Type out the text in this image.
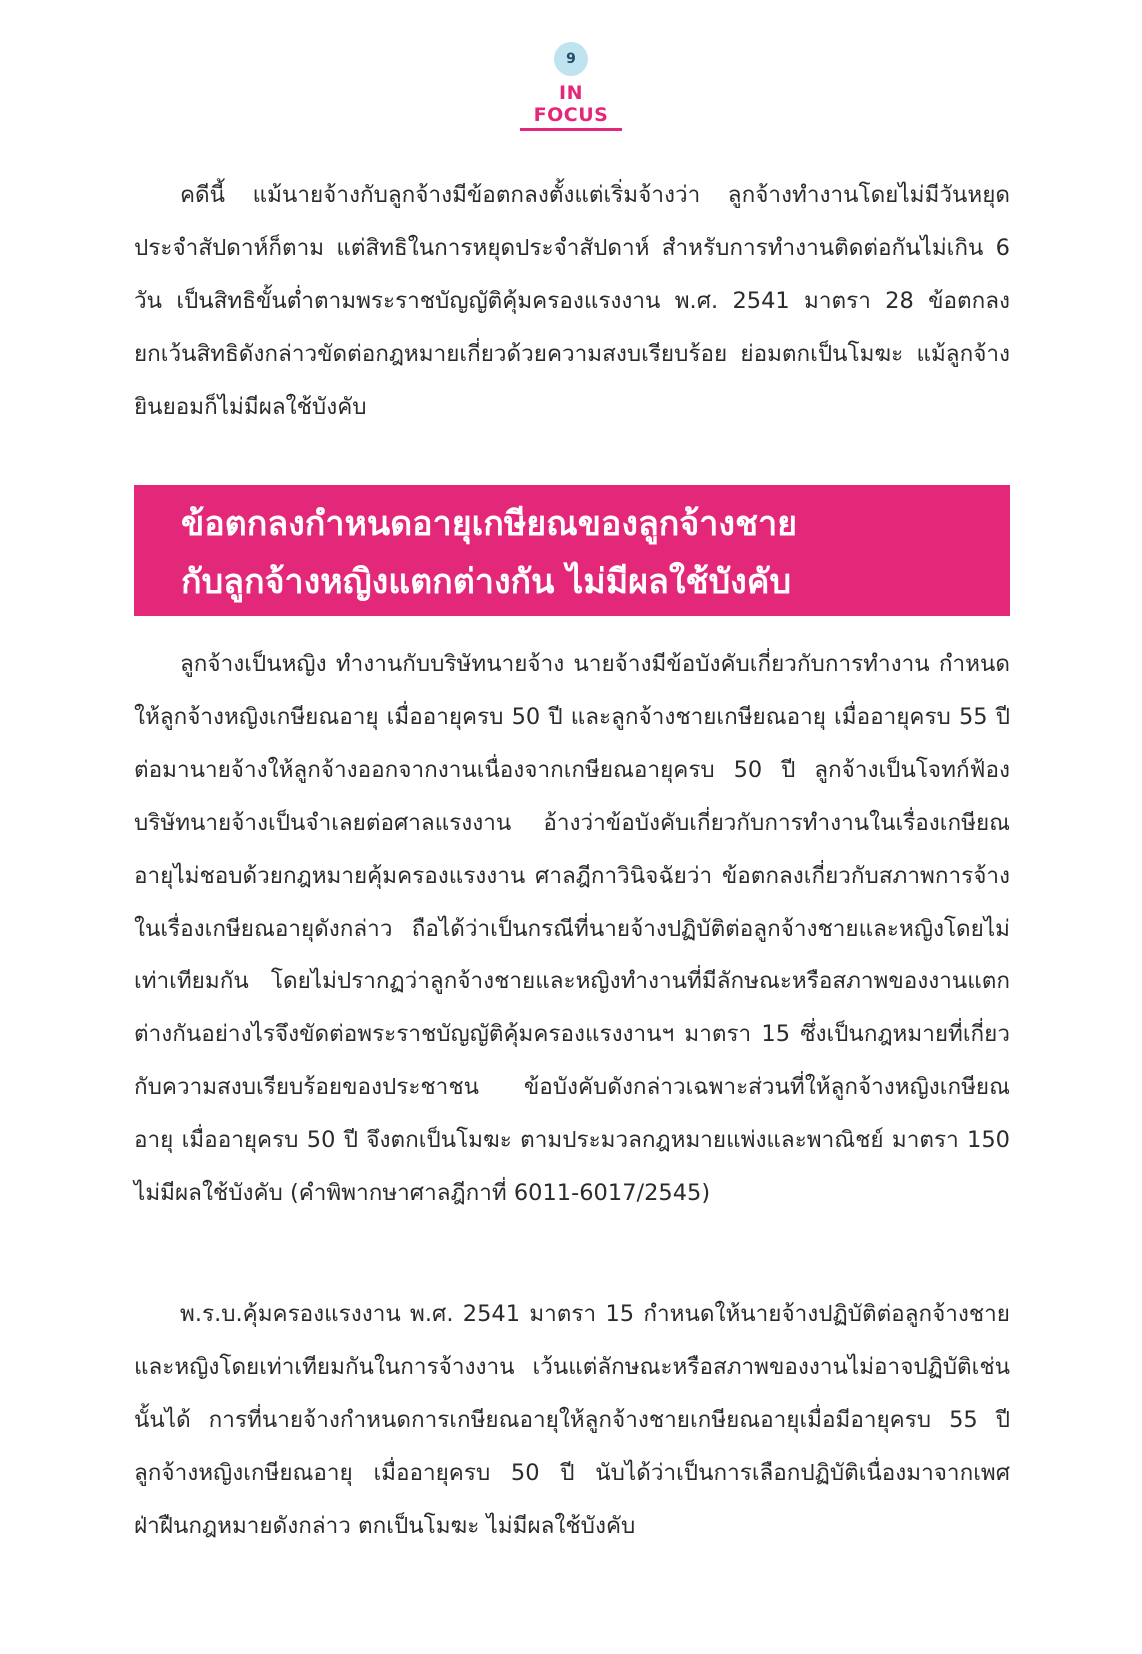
9
IN FOCUS

คดีนี้ แม้นายจ้างกับลูกจ้างมีข้อตกลงตั้งแต่เริ่มจ้างว่า ลูกจ้างทำงานโดยไม่มีวันหยุดประจำสัปดาห์ก็ตาม แต่สิทธิในการหยุดประจำสัปดาห์ สำหรับการทำงานติดต่อกันไม่เกิน 6 วัน เป็นสิทธิขั้นต่ำตามพระราชบัญญัติคุ้มครองแรงงาน พ.ศ. 2541 มาตรา 28 ข้อตกลงยกเว้นสิทธิดังกล่าวขัดต่อกฎหมายเกี่ยวด้วยความสงบเรียบร้อย ย่อมตกเป็นโมฆะ แม้ลูกจ้างยินยอมก็ไม่มีผลใช้บังคับ

ข้อตกลงกำหนดอายุเกษียณของลูกจ้างชาย
กับลูกจ้างหญิงแตกต่างกัน ไม่มีผลใช้บังคับ

ลูกจ้างเป็นหญิง ทำงานกับบริษัทนายจ้าง นายจ้างมีข้อบังคับเกี่ยวกับการทำงาน กำหนดให้ลูกจ้างหญิงเกษียณอายุ เมื่ออายุครบ 50 ปี และลูกจ้างชายเกษียณอายุ เมื่ออายุครบ 55 ปี ต่อมานายจ้างให้ลูกจ้างออกจากงานเนื่องจากเกษียณอายุครบ 50 ปี ลูกจ้างเป็นโจทก์ฟ้องบริษัทนายจ้างเป็นจำเลยต่อศาลแรงงาน อ้างว่าข้อบังคับเกี่ยวกับการทำงานในเรื่องเกษียณอายุไม่ชอบด้วยกฎหมายคุ้มครองแรงงาน ศาลฎีกาวินิจฉัยว่า ข้อตกลงเกี่ยวกับสภาพการจ้างในเรื่องเกษียณอายุดังกล่าว ถือได้ว่าเป็นกรณีที่นายจ้างปฏิบัติต่อลูกจ้างชายและหญิงโดยไม่เท่าเทียมกัน โดยไม่ปรากฏว่าลูกจ้างชายและหญิงทำงานที่มีลักษณะหรือสภาพของงานแตกต่างกันอย่างไรจึงขัดต่อพระราชบัญญัติคุ้มครองแรงงานฯ มาตรา 15 ซึ่งเป็นกฎหมายที่เกี่ยวกับความสงบเรียบร้อยของประชาชน ข้อบังคับดังกล่าวเฉพาะส่วนที่ให้ลูกจ้างหญิงเกษียณอายุ เมื่ออายุครบ 50 ปี จึงตกเป็นโมฆะ ตามประมวลกฎหมายแพ่งและพาณิชย์ มาตรา 150 ไม่มีผลใช้บังคับ (คำพิพากษาศาลฎีกาที่ 6011-6017/2545)

พ.ร.บ.คุ้มครองแรงงาน พ.ศ. 2541 มาตรา 15 กำหนดให้นายจ้างปฏิบัติต่อลูกจ้างชายและหญิงโดยเท่าเทียมกันในการจ้างงาน เว้นแต่ลักษณะหรือสภาพของงานไม่อาจปฏิบัติเช่นนั้นได้ การที่นายจ้างกำหนดการเกษียณอายุให้ลูกจ้างชายเกษียณอายุเมื่อมีอายุครบ 55 ปี ลูกจ้างหญิงเกษียณอายุ เมื่ออายุครบ 50 ปี นับได้ว่าเป็นการเลือกปฏิบัติเนื่องมาจากเพศฝ่าฝืนกฎหมายดังกล่าว ตกเป็นโมฆะ ไม่มีผลใช้บังคับ
